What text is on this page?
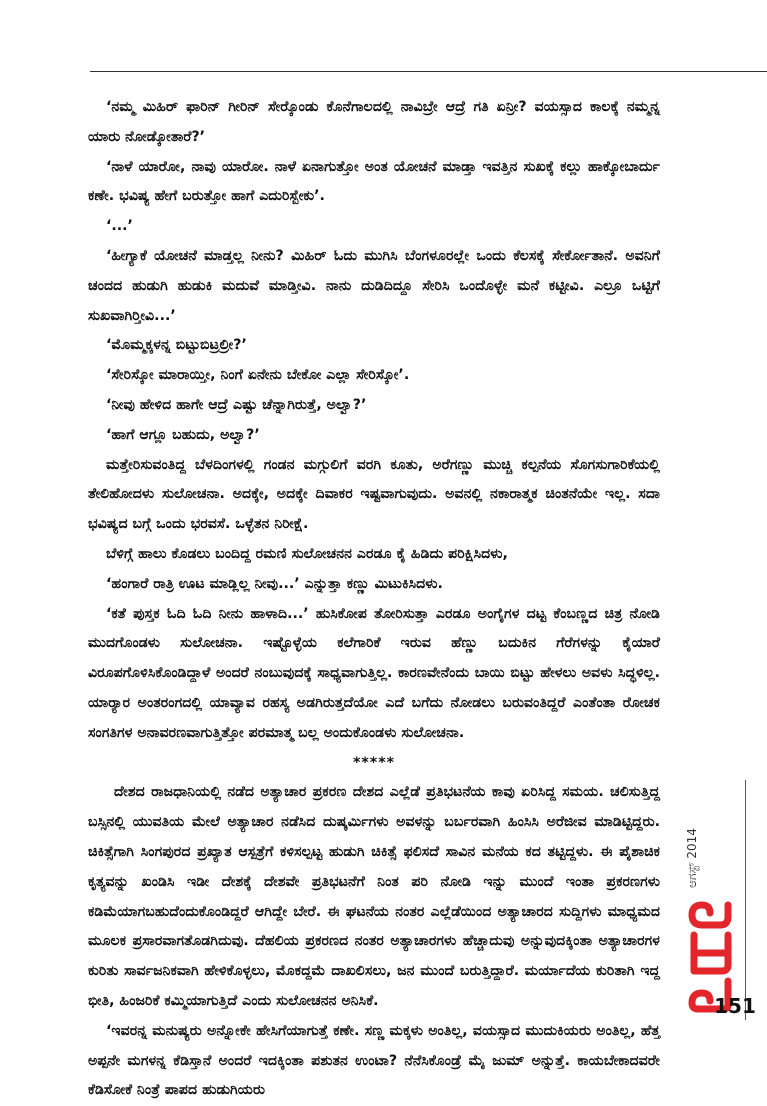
‘ನಮ್ಮ ಮಿಹಿರ್ ಫಾರಿನ್ ಗೀರಿನ್ ಸೇರ್‍ಕೊಂಡು ಕೊನೆಗಾಲದಲ್ಲಿ ನಾವಿಬ್ರೇ ಆದ್ರೆ ಗತಿ ಏನ್ರೀ? ವಯಸ್ಸಾದ ಕಾಲಕ್ಕೆ ನಮ್ಮನ್ನ ಯಾರು ನೋಡ್ಕೋತಾರೆ?’

‘ನಾಳೆ ಯಾರೋ, ನಾವು ಯಾರೋ. ನಾಳೆ ಏನಾಗುತ್ತೋ ಅಂತ ಯೋಚನೆ ಮಾಡ್ತಾ ಇವತ್ತಿನ ಸುಖಕ್ಕೆ ಕಲ್ಲು ಹಾಕ್ಕೋಬಾರ್ದು ಕಣೇ. ಭವಿಷ್ಯ ಹೇಗೆ ಬರುತ್ತೋ ಹಾಗೆ ಎದುರಿಸ್ಬೇಕು’.

‘...’

‘ಹೀಗ್ಯಾಕೆ ಯೋಚನೆ ಮಾಡ್ತಲ್ಲ ನೀನು? ಮಿಹಿರ್ ಓದು ಮುಗಿಸಿ ಬೆಂಗಳೂರಲ್ಲೇ ಒಂದು ಕೆಲಸಕ್ಕೆ ಸೇರ್ಕೋತಾನೆ. ಅವನಿಗೆ ಚಂದದ ಹುಡುಗಿ ಹುಡುಕಿ ಮದುವೆ ಮಾಡ್ತೀವಿ. ನಾನು ದುಡಿದಿದ್ದೂ ಸೇರಿಸಿ ಒಂದೊಳ್ಳೇ ಮನೆ ಕಟ್ಟೀವಿ. ಎಲ್ರೂ ಒಟ್ಟಿಗೆ ಸುಖವಾಗಿರ್‍ತೀವಿ...’

‘ಮೊಮ್ಮಕ್ಕಳನ್ನ ಬಿಟ್ಟುಬಿಟ್ರಲ್ರೀ?’

‘ಸೇರಿಸ್ಕೋ ಮಾರಾಯ್ತೀ, ನಿಂಗೆ ಏನೇನು ಬೇಕೋ ಎಲ್ಲಾ ಸೇರಿಸ್ಕೋ’.

‘ನೀವು ಹೇಳಿದ ಹಾಗೇ ಆದ್ರೆ ಎಷ್ಟು ಚೆನ್ನಾಗಿರುತ್ತೆ, ಅಲ್ವಾ?’

‘ಹಾಗೆ ಆಗ್ಲೂ ಬಹುದು, ಅಲ್ವಾ?’

ಮತ್ತೇರಿಸುವಂತಿದ್ದ ಬೆಳದಿಂಗಳಲ್ಲಿ ಗಂಡನ ಮಗ್ಗುಲಿಗೆ ವರಗಿ ಕೂತು, ಅರೆಗಣ್ಣು ಮುಚ್ಚಿ ಕಲ್ಪನೆಯ ಸೊಗಸುಗಾರಿಕೆಯಲ್ಲಿ ತೇಲಿಹೋದಳು ಸುಲೋಚನಾ. ಅದಕ್ಕೇ, ಅದಕ್ಕೇ ದಿವಾಕರ ಇಷ್ಟವಾಗುವುದು. ಅವನಲ್ಲಿ ನಕಾರಾತ್ಮಕ ಚಿಂತನೆಯೇ ಇಲ್ಲ. ಸದಾ ಭವಿಷ್ಯದ ಬಗ್ಗೆ ಒಂದು ಭರವಸೆ. ಒಳ್ಳೆತನ ನಿರೀಕ್ಷೆ.

ಬೆಳಿಗ್ಗೆ ಹಾಲು ಕೊಡಲು ಬಂದಿದ್ದ ರಮಣಿ ಸುಲೋಚನನ ಎರಡೂ ಕೈ ಹಿಡಿದು ಪರಿಕ್ಷಿಸಿದಳು,

‘ಹಂಗಾರೆ ರಾತ್ರಿ ಊಟ ಮಾಡ್ಲಿಲ್ಲ ನೀವು...’ ಎನ್ನುತ್ತಾ ಕಣ್ಣು ಮಿಟುಕಿಸಿದಳು.

‘ಕತೆ ಪುಸ್ತಕ ಓದಿ ಓದಿ ನೀನು ಹಾಳಾದಿ...’ ಹುಸಿಕೋಪ ತೋರಿಸುತ್ತಾ ಎರಡೂ ಅಂಗೈಗಳ ದಟ್ಟ ಕೆಂಬಣ್ಣದ ಚಿತ್ರ ನೋಡಿ ಮುದಗೊಂಡಳು ಸುಲೋಚನಾ. ಇಷ್ಟೊಳ್ಳೆಯ ಕಲೆಗಾರಿಕೆ ಇರುವ ಹೆಣ್ಣು ಬದುಕಿನ ಗೆರೆಗಳನ್ನು ಕೈಯಾರೆ ವಿರೂಪಗೊಳಿಸಿಕೊಂಡಿದ್ದಾಳೆ ಅಂದರೆ ನಂಬುವುದಕ್ಕೆ ಸಾಧ್ಯವಾಗುತ್ತಿಲ್ಲ. ಕಾರಣವೇನೆಂದು ಬಾಯಿ ಬಿಟ್ಟು ಹೇಳಲು ಅವಳು ಸಿದ್ಧಳಿಲ್ಲ. ಯಾರ್‍ಯಾರ ಅಂತರಂಗದಲ್ಲಿ ಯಾವ್ಯಾವ ರಹಸ್ಯ ಅಡಗಿರುತ್ತದೆಯೋ ಎದೆ ಬಗೆದು ನೋಡಲು ಬರುವಂತಿದ್ದರೆ ಎಂತೆಂತಾ ರೋಚಕ ಸಂಗತಿಗಳ ಅನಾವರಣವಾಗುತ್ತಿತ್ತೋ ಪರಮಾತ್ಮ ಬಲ್ಲ ಅಂದುಕೊಂಡಳು ಸುಲೋಚನಾ.

*****

ದೇಶದ ರಾಜಧಾನಿಯಲ್ಲಿ ನಡೆದ ಅತ್ಯಾಚಾರ ಪ್ರಕರಣ ದೇಶದ ಎಲ್ಲೆಡೆ ಪ್ರತಿಭಟನೆಯ ಕಾವು ಏರಿಸಿದ್ದ ಸಮಯ. ಚಲಿಸುತ್ತಿದ್ದ ಬಸ್ಸಿನಲ್ಲಿ ಯುವತಿಯ ಮೇಲೆ ಅತ್ಯಾಚಾರ ನಡೆಸಿದ ದುಷ್ಕರ್ಮಿಗಳು ಅವಳನ್ನು ಬರ್ಬರವಾಗಿ ಹಿಂಸಿಸಿ ಅರೆಜೀವ ಮಾಡಿಟ್ಟಿದ್ದರು. ಚಿಕಿತ್ಸೆಗಾಗಿ ಸಿಂಗಪುರದ ಪ್ರಖ್ಯಾತ ಆಸ್ಪತ್ರೆಗೆ ಕಳಿಸಲ್ಪಟ್ಟ ಹುಡುಗಿ ಚಿಕಿತ್ಸೆ ಫಲಿಸದೆ ಸಾವಿನ ಮನೆಯ ಕದ ತಟ್ಟಿದ್ದಳು. ಈ ಪೈಶಾಚಿಕ ಕೃತ್ಯವನ್ನು ಖಂಡಿಸಿ ಇಡೀ ದೇಶಕ್ಕೆ ದೇಶವೇ ಪ್ರತಿಭಟನೆಗೆ ನಿಂತ ಪರಿ ನೋಡಿ ಇನ್ನು ಮುಂದೆ ಇಂತಾ ಪ್ರಕರಣಗಳು ಕಡಿಮೆಯಾಗಬಹುದೆಂದುಕೊಂಡಿದ್ದರೆ ಆಗಿದ್ದೇ ಬೇರೆ. ಈ ಘಟನೆಯ ನಂತರ ಎಲ್ಲೆಡೆಯಿಂದ ಅತ್ಯಾಚಾರದ ಸುದ್ದಿಗಳು ಮಾಧ್ಯಮದ ಮೂಲಕ ಪ್ರಸಾರವಾಗತೊಡಗಿದುವು. ದೆಹಲಿಯ ಪ್ರಕರಣದ ನಂತರ ಅತ್ಯಾಚಾರಗಳು ಹೆಚ್ಚಾದುವು ಅನ್ನುವುದಕ್ಕಿಂತಾ ಅತ್ಯಾಚಾರಗಳ ಕುರಿತು ಸಾರ್ವಜನಿಕವಾಗಿ ಹೇಳಿಕೊಳ್ಳಲು, ಮೊಕದ್ದಮೆ ದಾಖಲಿಸಲು, ಜನ ಮುಂದೆ ಬರುತ್ತಿದ್ದಾರೆ. ಮರ್ಯಾದೆಯ ಕುರಿತಾಗಿ ಇದ್ದ ಭೀತಿ, ಹಿಂಜರಿಕೆ ಕಮ್ಮಿಯಾಗುತ್ತಿದೆ ಎಂದು ಸುಲೋಚನನ ಅನಿಸಿಕೆ.

‘ಇವರನ್ನ ಮನುಷ್ಯರು ಅನ್ನೋಕೇ ಹೇಸಿಗೆಯಾಗುತ್ತೆ ಕಣೇ. ಸಣ್ಣ ಮಕ್ಕಳು ಅಂತಿಲ್ಲ, ವಯಸ್ಸಾದ ಮುದುಕಿಯರು ಅಂತಿಲ್ಲ, ಹೆತ್ತ ಅಪ್ಪನೇ ಮಗಳನ್ನ ಕೆಡಿಸ್ತಾನೆ ಅಂದರೆ ಇದಕ್ಕಿಂತಾ ಪಶುತನ ಉಂಟಾ? ನೆನೆಸಿಕೊಂಡ್ರೆ ಮೈ ಜುಮ್ ಅನ್ನುತ್ತೆ. ಕಾಯಬೇಕಾದವರೇ ಕೆಡಿಸೋಕೆ ನಿಂತ್ರೆ ಪಾಪದ ಹುಡುಗಿಯರು

ಆಗಸ್ಟ್ 2014
151
